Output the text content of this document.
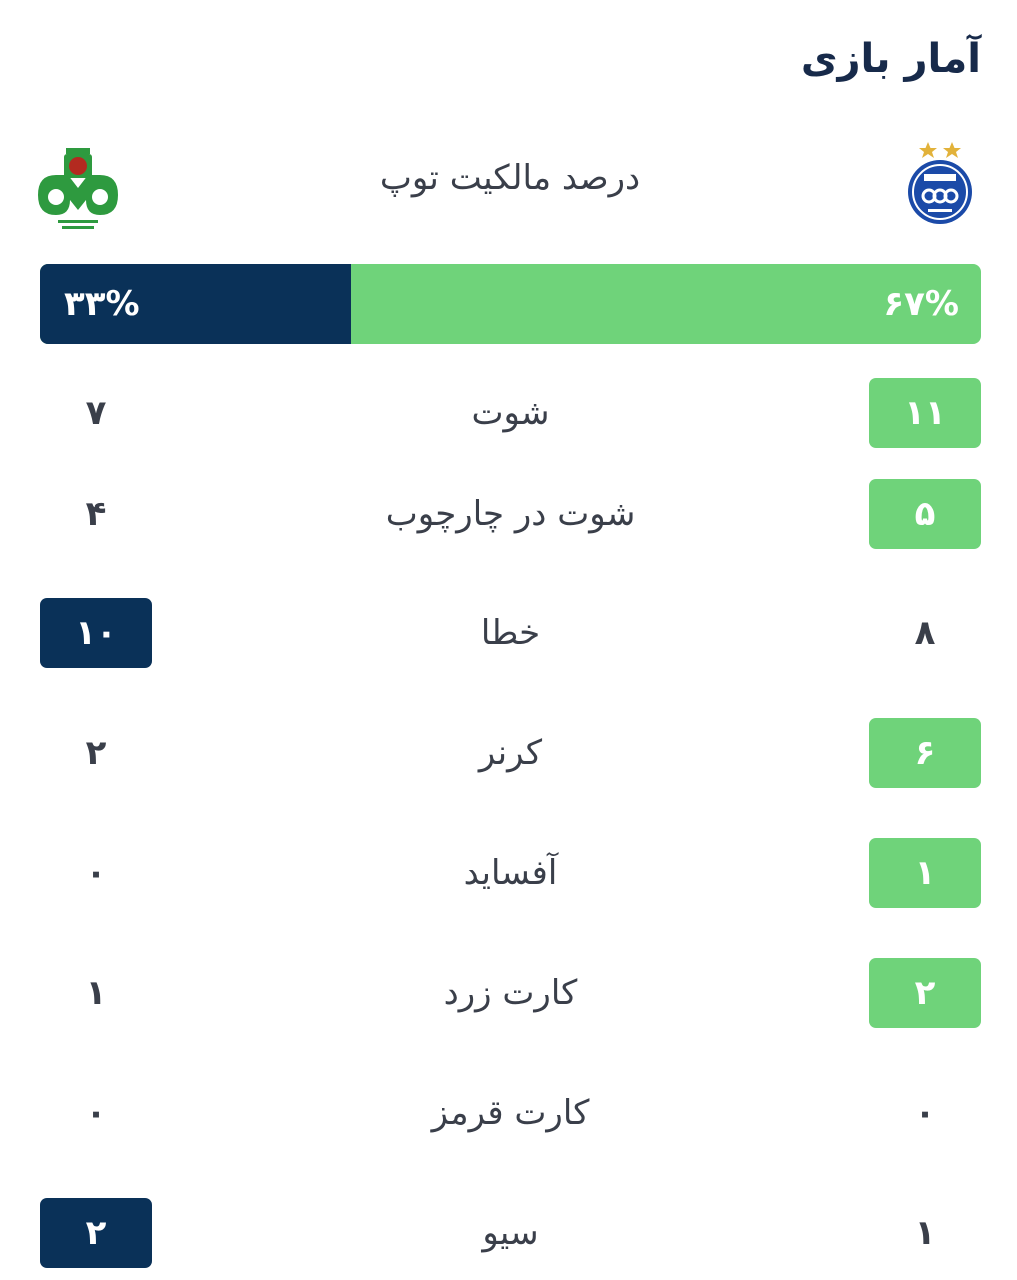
آمار بازی
درصد مالکیت توپ
۳۳%	۶۷%
۷	شوت	۱۱
۴	شوت در چارچوب	۵
۱۰	خطا	۸
۲	کرنر	۶
۰	آفساید	۱
۱	کارت زرد	۲
۰	کارت قرمز	۰
۲	سیو	۱
